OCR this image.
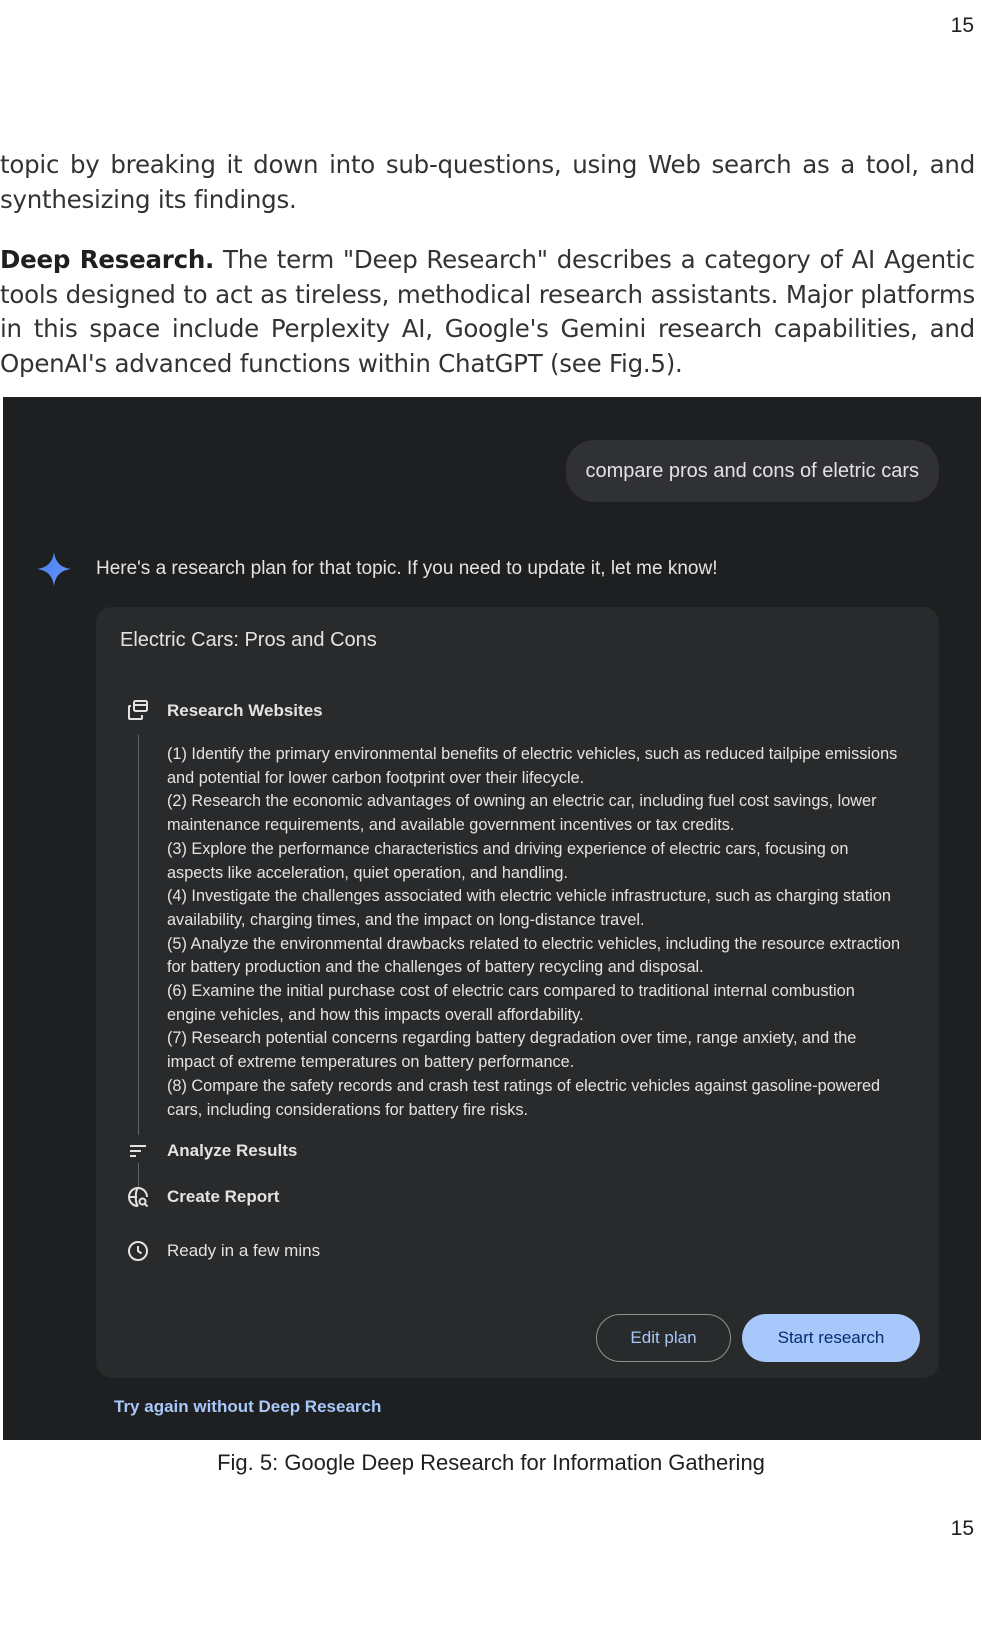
15

topic by breaking it down into sub-questions, using Web search as a tool, and synthesizing its findings.

Deep Research. The term "Deep Research" describes a category of AI Agentic tools designed to act as tireless, methodical research assistants. Major platforms in this space include Perplexity AI, Google's Gemini research capabilities, and OpenAI's advanced functions within ChatGPT (see Fig.5).

compare pros and cons of eletric cars
Here's a research plan for that topic. If you need to update it, let me know!
Electric Cars: Pros and Cons
Research Websites
(1) Identify the primary environmental benefits of electric vehicles, such as reduced tailpipe emissions and potential for lower carbon footprint over their lifecycle.
(2) Research the economic advantages of owning an electric car, including fuel cost savings, lower maintenance requirements, and available government incentives or tax credits.
(3) Explore the performance characteristics and driving experience of electric cars, focusing on aspects like acceleration, quiet operation, and handling.
(4) Investigate the challenges associated with electric vehicle infrastructure, such as charging station availability, charging times, and the impact on long-distance travel.
(5) Analyze the environmental drawbacks related to electric vehicles, including the resource extraction for battery production and the challenges of battery recycling and disposal.
(6) Examine the initial purchase cost of electric cars compared to traditional internal combustion engine vehicles, and how this impacts overall affordability.
(7) Research potential concerns regarding battery degradation over time, range anxiety, and the impact of extreme temperatures on battery performance.
(8) Compare the safety records and crash test ratings of electric vehicles against gasoline-powered cars, including considerations for battery fire risks.
Analyze Results
Create Report
Ready in a few mins
Edit plan	Start research
Try again without Deep Research
Fig. 5: Google Deep Research for Information Gathering
15
